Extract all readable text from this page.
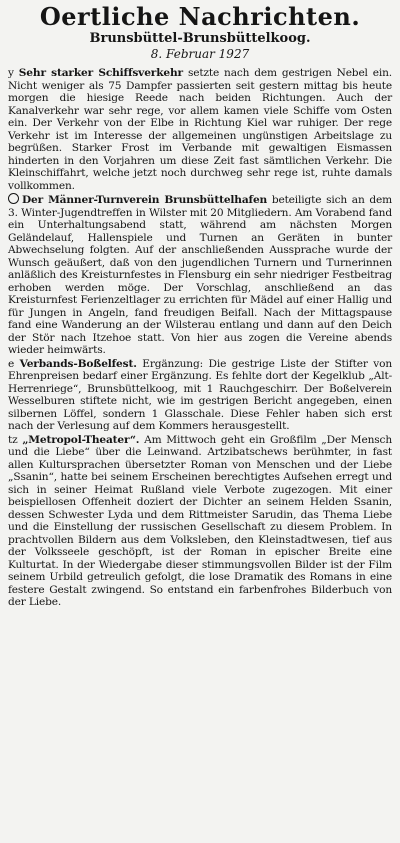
Oertliche Nachrichten.
Brunsbüttel-Brunsbüttelkoog.
8. Februar 1927

y Sehr starker Schiffsverkehr setzte nach dem gestrigen Nebel ein. Nicht weniger als 75 Dampfer passierten seit gestern mittag bis heute morgen die hiesige Reede nach beiden Richtungen. Auch der Kanalverkehr war sehr rege, vor allem kamen viele Schiffe vom Osten ein. Der Verkehr von der Elbe in Richtung Kiel war ruhiger. Der rege Verkehr ist im Interesse der allgemeinen ungünstigen Arbeitslage zu begrüßen. Starker Frost im Verbande mit gewaltigen Eismassen hinderten in den Vorjahren um diese Zeit fast sämtlichen Verkehr. Die Kleinschiffahrt, welche jetzt noch durchweg sehr rege ist, ruhte damals vollkommen.

Der Männer-Turnverein Brunsbüttelhafen beteiligte sich an dem 3. Winter-Jugendtreffen in Wilster mit 20 Mitgliedern. Am Vorabend fand ein Unterhaltungsabend statt, während am nächsten Morgen Geländelauf, Hallenspiele und Turnen an Geräten in bunter Abwechselung folgten. Auf der anschließenden Aussprache wurde der Wunsch geäußert, daß von den jugendlichen Turnern und Turnerinnen anläßlich des Kreisturnfestes in Flensburg ein sehr niedriger Festbeitrag erhoben werden möge. Der Vorschlag, anschließend an das Kreisturnfest Ferienzeltlager zu errichten für Mädel auf einer Hallig und für Jungen in Angeln, fand freudigen Beifall. Nach der Mittagspause fand eine Wanderung an der Wilsterau entlang und dann auf den Deich der Stör nach Itzehoe statt. Von hier aus zogen die Vereine abends wieder heimwärts.

e Verbands-Boßelfest. Ergänzung: Die gestrige Liste der Stifter von Ehrenpreisen bedarf einer Ergänzung. Es fehlte dort der Kegelklub „Alt-Herrenriege“, Brunsbüttelkoog, mit 1 Rauchgeschirr. Der Boßelverein Wesselburen stiftete nicht, wie im gestrigen Bericht angegeben, einen silbernen Löffel, sondern 1 Glasschale. Diese Fehler haben sich erst nach der Verlesung auf dem Kommers herausgestellt.

tz „Metropol-Theater“. Am Mittwoch geht ein Großfilm „Der Mensch und die Liebe“ über die Leinwand. Artzibatschews berühmter, in fast allen Kultursprachen übersetzter Roman von Menschen und der Liebe „Ssanin“, hatte bei seinem Erscheinen berechtigtes Aufsehen erregt und sich in seiner Heimat Rußland viele Verbote zugezogen. Mit einer beispiellosen Offenheit doziert der Dichter an seinem Helden Ssanin, dessen Schwester Lyda und dem Rittmeister Sarudin, das Thema Liebe und die Einstellung der russischen Gesellschaft zu diesem Problem. In prachtvollen Bildern aus dem Volksleben, den Kleinstadtwesen, tief aus der Volksseele geschöpft, ist der Roman in epischer Breite eine Kulturtat. In der Wiedergabe dieser stimmungsvollen Bilder ist der Film seinem Urbild getreulich gefolgt, die lose Dramatik des Romans in eine festere Gestalt zwingend. So entstand ein farbenfrohes Bilderbuch von der Liebe.
